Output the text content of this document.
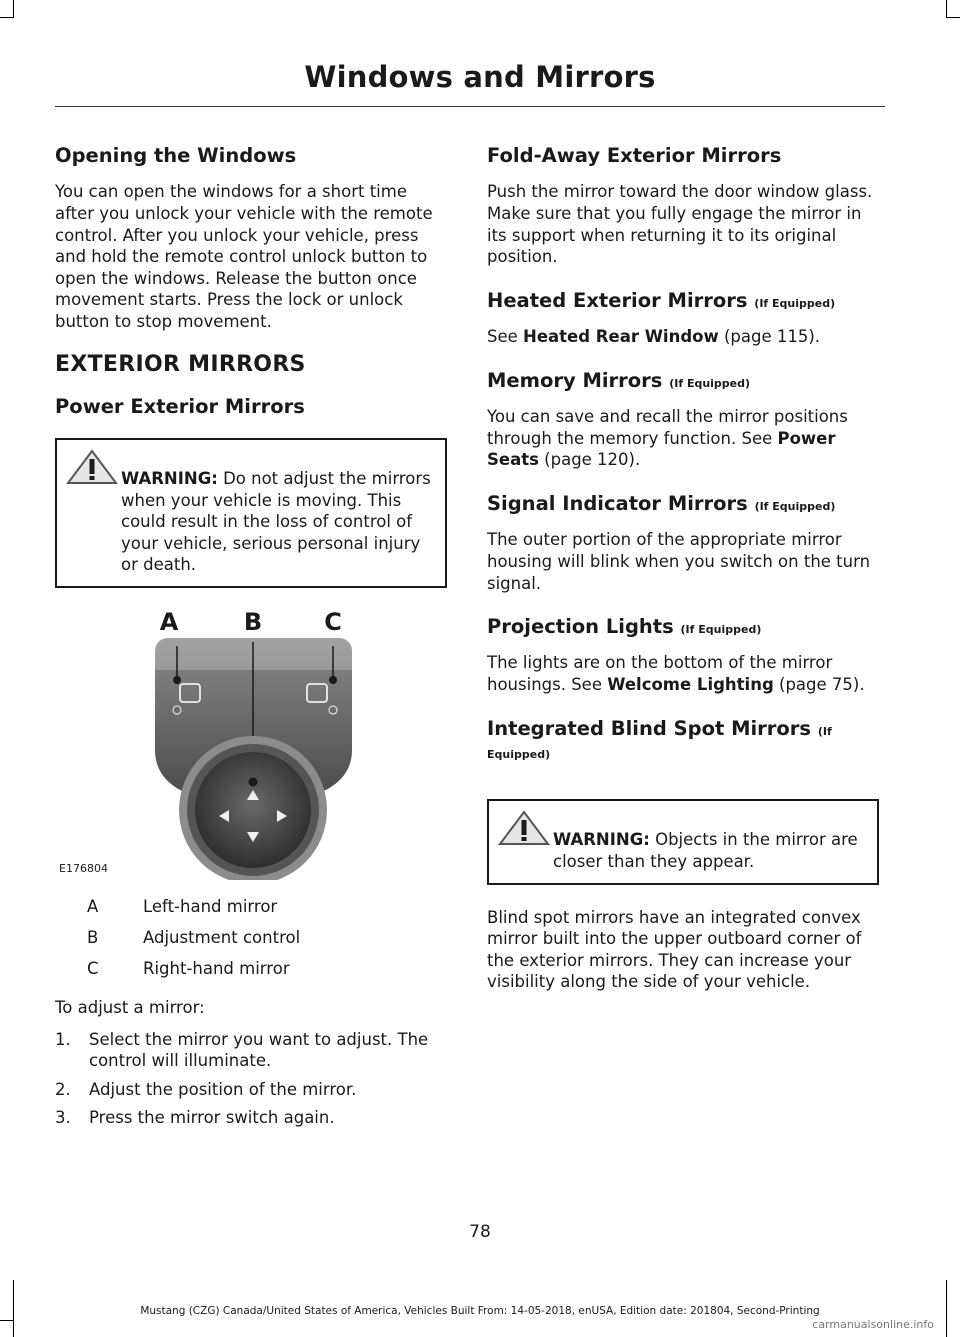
Windows and Mirrors
Opening the Windows

You can open the windows for a short time after you unlock your vehicle with the remote control. After you unlock your vehicle, press and hold the remote control unlock button to open the windows. Release the button once movement starts. Press the lock or unlock button to stop movement.

EXTERIOR MIRRORS
Power Exterior Mirrors

WARNING: Do not adjust the mirrors when your vehicle is moving. This could result in the loss of control of your vehicle, serious personal injury or death.

A	B	C
E176804
A	Left-hand mirror
B	Adjustment control
C	Right-hand mirror

To adjust a mirror:

1.	Select the mirror you want to adjust. The control will illuminate.
2.	Adjust the position of the mirror.
3.	Press the mirror switch again.
Fold-Away Exterior Mirrors

Push the mirror toward the door window glass. Make sure that you fully engage the mirror in its support when returning it to its original position.

Heated Exterior Mirrors (If Equipped)

See Heated Rear Window (page 115).

Memory Mirrors (If Equipped)

You can save and recall the mirror positions through the memory function. See Power Seats (page 120).

Signal Indicator Mirrors (If Equipped)

The outer portion of the appropriate mirror housing will blink when you switch on the turn signal.

Projection Lights (If Equipped)

The lights are on the bottom of the mirror housings. See Welcome Lighting (page 75).

Integrated Blind Spot Mirrors (If
Equipped)

WARNING: Objects in the mirror are closer than they appear.

Blind spot mirrors have an integrated convex mirror built into the upper outboard corner of the exterior mirrors. They can increase your visibility along the side of your vehicle.

78
Mustang (CZG) Canada/United States of America, Vehicles Built From: 14-05-2018, enUSA, Edition date: 201804, Second-Printing
carmanualsonline.info
